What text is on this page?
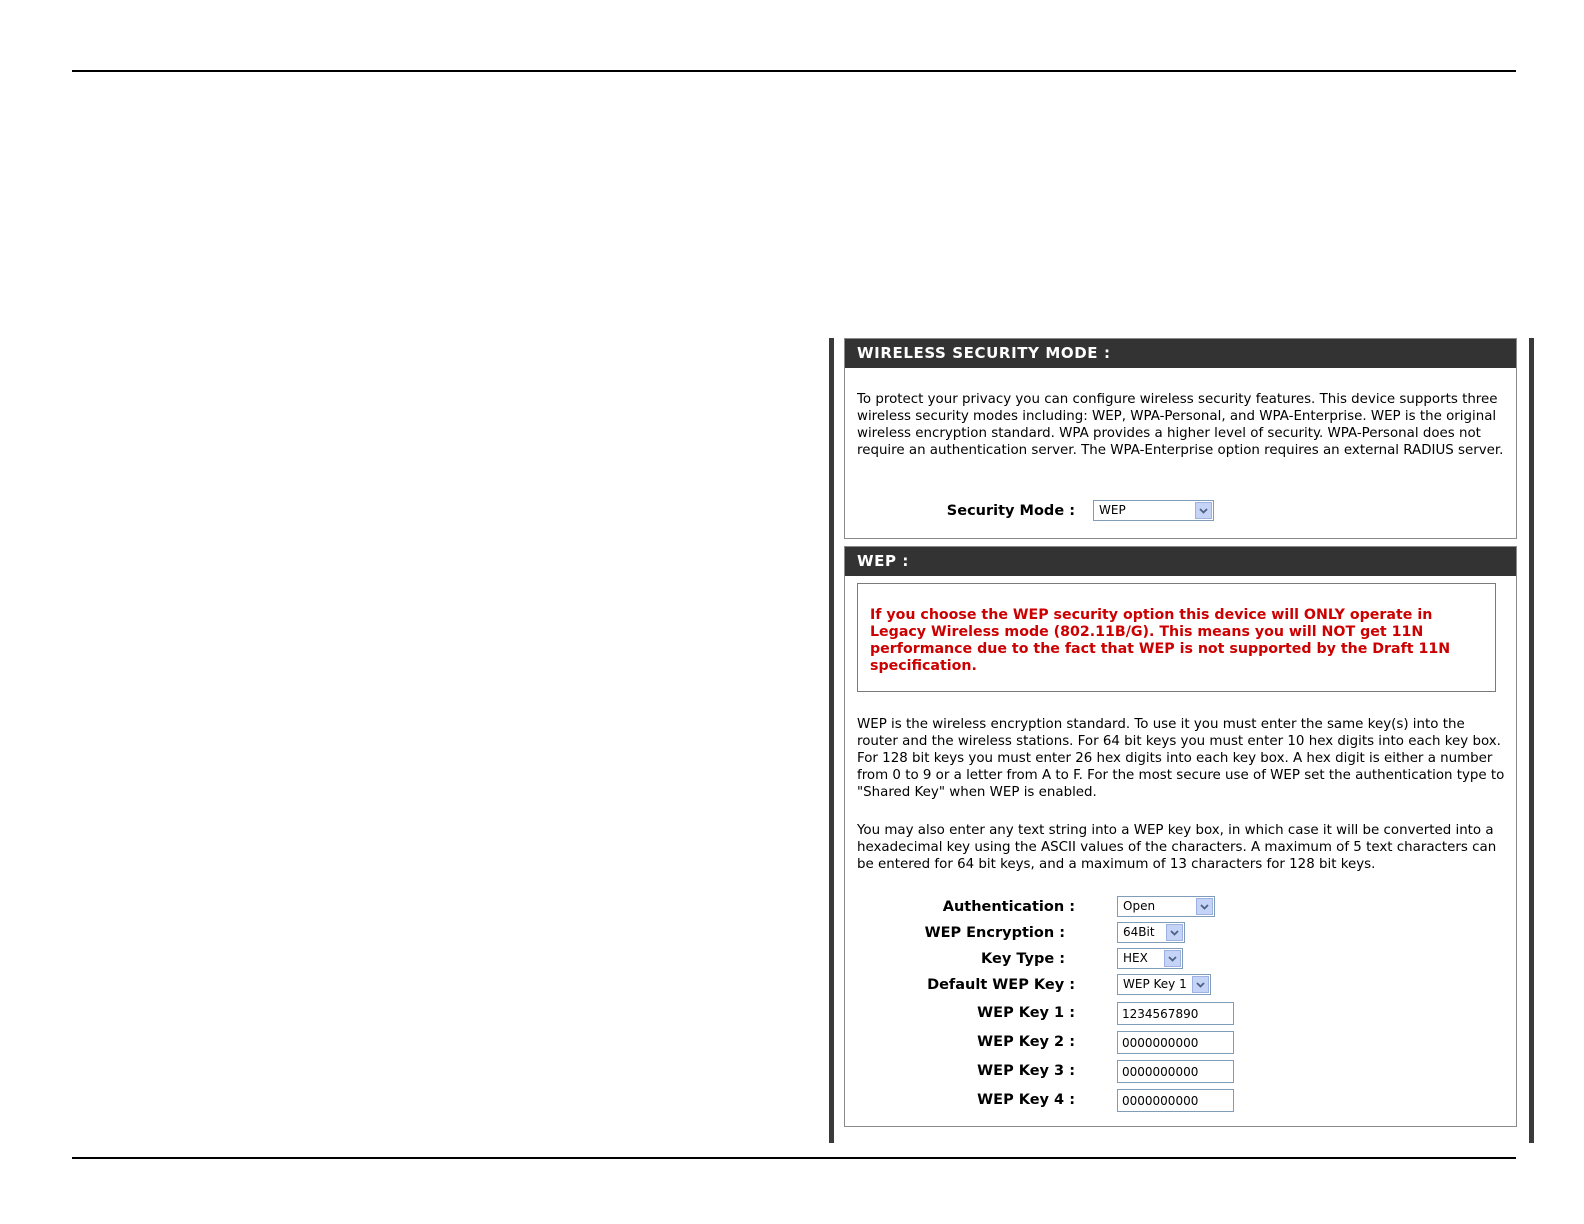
WIRELESS SECURITY MODE :

To protect your privacy you can configure wireless security features. This device supports three wireless security modes including: WEP, WPA-Personal, and WPA-Enterprise. WEP is the original wireless encryption standard. WPA provides a higher level of security. WPA-Personal does not require an authentication server. The WPA-Enterprise option requires an external RADIUS server.

Security Mode :	WEP
WEP :

If you choose the WEP security option this device will ONLY operate in Legacy Wireless mode (802.11B/G). This means you will NOT get 11N performance due to the fact that WEP is not supported by the Draft 11N specification.

WEP is the wireless encryption standard. To use it you must enter the same key(s) into the router and the wireless stations. For 64 bit keys you must enter 10 hex digits into each key box. For 128 bit keys you must enter 26 hex digits into each key box. A hex digit is either a number from 0 to 9 or a letter from A to F. For the most secure use of WEP set the authentication type to "Shared Key" when WEP is enabled.

You may also enter any text string into a WEP key box, in which case it will be converted into a hexadecimal key using the ASCII values of the characters. A maximum of 5 text characters can be entered for 64 bit keys, and a maximum of 13 characters for 128 bit keys.

Authentication :	Open
WEP Encryption :	64Bit
Key Type :	HEX
Default WEP Key :	WEP Key 1
WEP Key 1 :
1234567890
WEP Key 2 :
0000000000
WEP Key 3 :
0000000000
WEP Key 4 :
0000000000
